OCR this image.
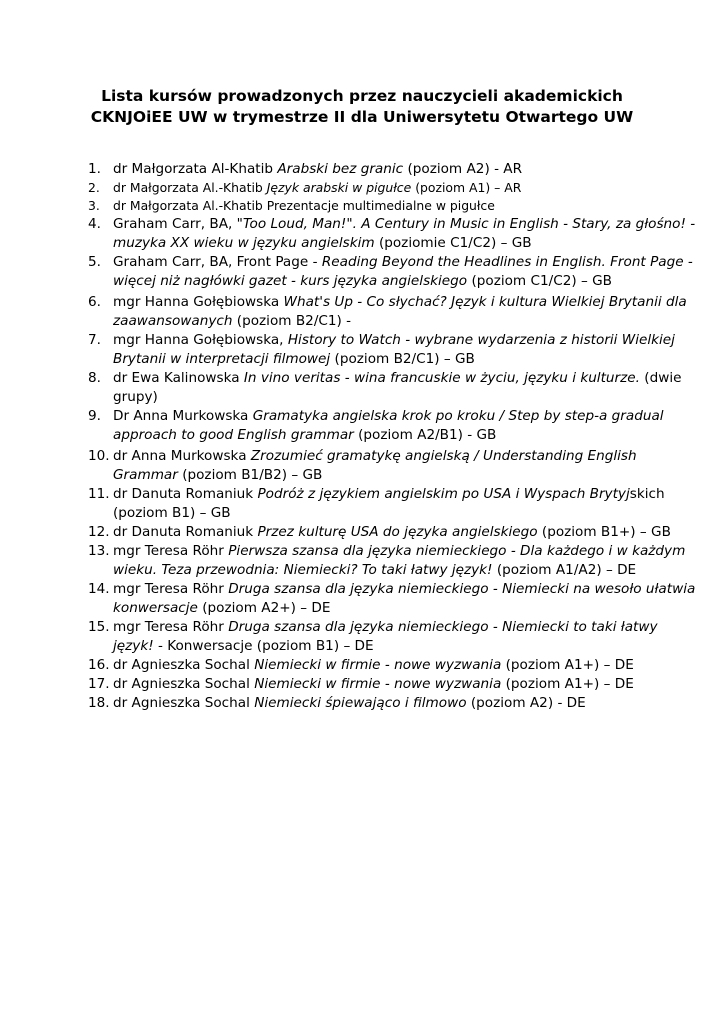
Lista kursów prowadzonych przez nauczycieli akademickich
CKNJOiEE UW w trymestrze II dla Uniwersytetu Otwartego UW
1. dr Małgorzata Al-Khatib Arabski bez granic (poziom A2) - AR
2.	dr Małgorzata Al.-Khatib Język arabski w pigułce (poziom A1) – AR
3.	dr Małgorzata Al.-Khatib Prezentacje multimedialne w pigułce
4. Graham Carr, BA, "Too Loud, Man!". A Century in Music in English - Stary, za głośno! - muzyka XX wieku w języku angielskim (poziomie C1/C2) – GB
5. Graham Carr, BA, Front Page - Reading Beyond the Headlines in English. Front Page - więcej niż nagłówki gazet - kurs języka angielskiego (poziom C1/C2) – GB
6. mgr Hanna Gołębiowska What's Up - Co słychać? Język i kultura Wielkiej Brytanii dla zaawansowanych (poziom B2/C1) -
7. mgr Hanna Gołębiowska, History to Watch - wybrane wydarzenia z historii Wielkiej Brytanii w interpretacji filmowej (poziom B2/C1) – GB
8. dr Ewa Kalinowska In vino veritas - wina francuskie w życiu, języku i kulturze. (dwie grupy)
9. Dr Anna Murkowska Gramatyka angielska krok po kroku / Step by step-a gradual approach to good English grammar (poziom A2/B1) - GB
10. dr Anna Murkowska Zrozumieć gramatykę angielską / Understanding English Grammar (poziom B1/B2) – GB
11. dr Danuta Romaniuk Podróż z językiem angielskim po USA i Wyspach Brytyjskich (poziom B1) – GB
12. dr Danuta Romaniuk Przez kulturę USA do języka angielskiego (poziom B1+) – GB
13. mgr Teresa Röhr Pierwsza szansa dla języka niemieckiego - Dla każdego i w każdym wieku. Teza przewodnia: Niemiecki? To taki łatwy język! (poziom A1/A2) – DE
14. mgr Teresa Röhr Druga szansa dla języka niemieckiego - Niemiecki na wesoło ułatwia konwersacje (poziom A2+) – DE
15. mgr Teresa Röhr Druga szansa dla języka niemieckiego - Niemiecki to taki łatwy język! - Konwersacje (poziom B1) – DE
16. dr Agnieszka Sochal Niemiecki w firmie - nowe wyzwania (poziom A1+) – DE
17. dr Agnieszka Sochal Niemiecki w firmie - nowe wyzwania (poziom A1+) – DE
18. dr Agnieszka Sochal Niemiecki śpiewająco i filmowo (poziom A2) - DE
